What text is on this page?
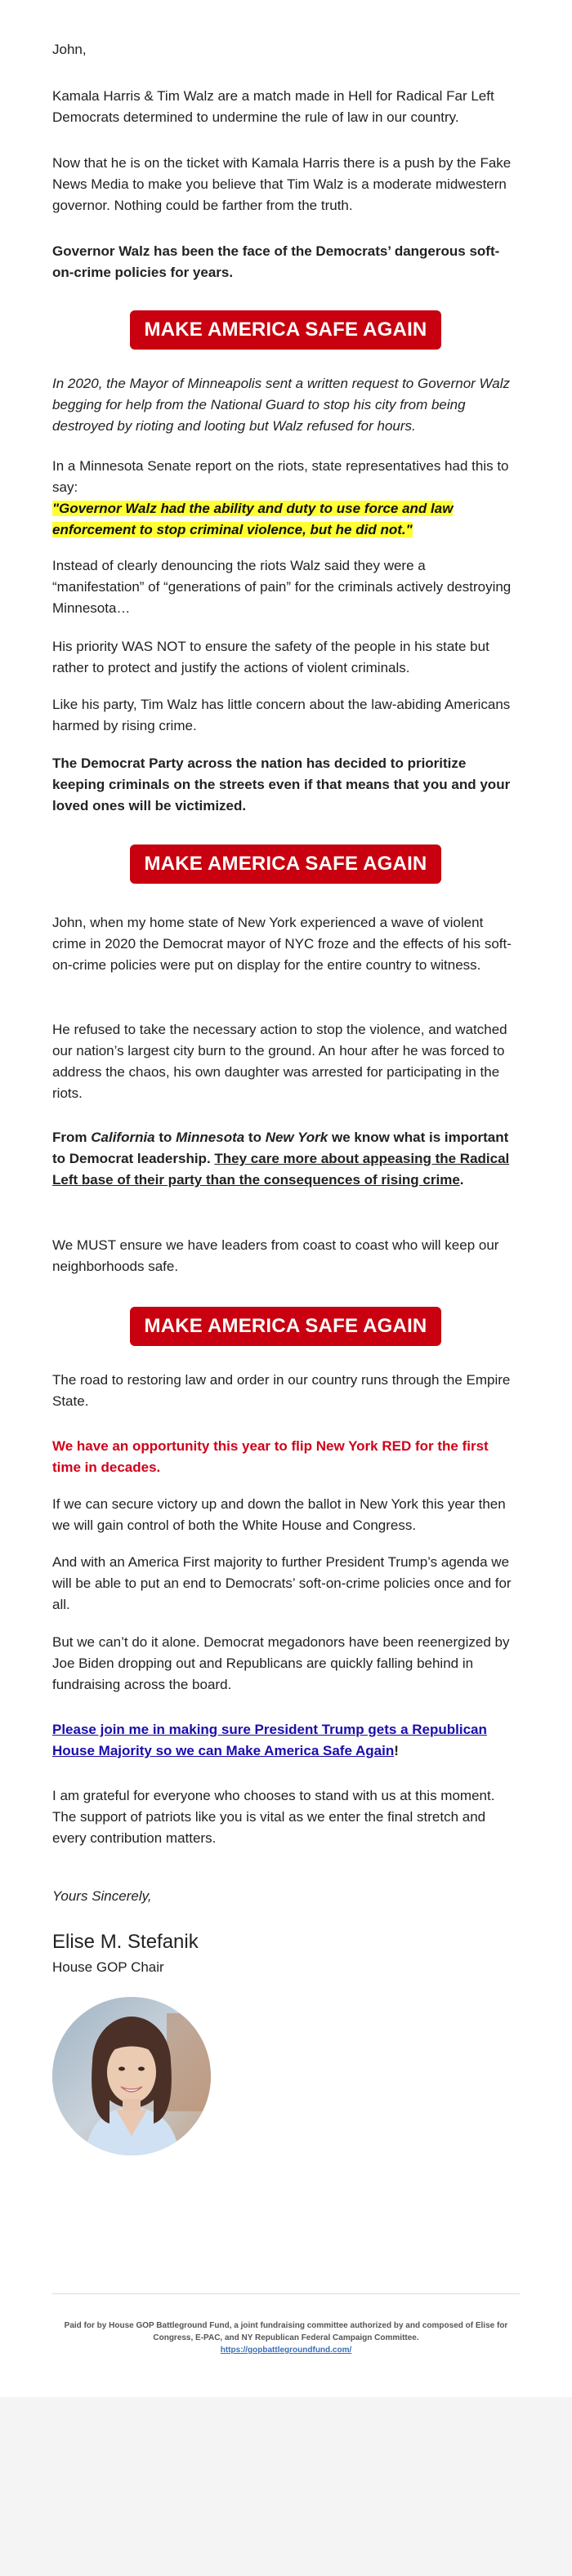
John,

Kamala Harris & Tim Walz are a match made in Hell for Radical Far Left Democrats determined to undermine the rule of law in our country.

Now that he is on the ticket with Kamala Harris there is a push by the Fake News Media to make you believe that Tim Walz is a moderate midwestern governor. Nothing could be farther from the truth.

Governor Walz has been the face of the Democrats’ dangerous soft-on-crime policies for years.

MAKE AMERICA SAFE AGAIN

In 2020, the Mayor of Minneapolis sent a written request to Governor Walz begging for help from the National Guard to stop his city from being destroyed by rioting and looting but Walz refused for hours.

In a Minnesota Senate report on the riots, state representatives had this to say:
"Governor Walz had the ability and duty to use force and law enforcement to stop criminal violence, but he did not."

Instead of clearly denouncing the riots Walz said they were a “manifestation” of “generations of pain” for the criminals actively destroying Minnesota…

His priority WAS NOT to ensure the safety of the people in his state but rather to protect and justify the actions of violent criminals.

Like his party, Tim Walz has little concern about the law-abiding Americans harmed by rising crime.

The Democrat Party across the nation has decided to prioritize keeping criminals on the streets even if that means that you and your loved ones will be victimized.

MAKE AMERICA SAFE AGAIN

John, when my home state of New York experienced a wave of violent crime in 2020 the Democrat mayor of NYC froze and the effects of his soft-on-crime policies were put on display for the entire country to witness.

He refused to take the necessary action to stop the violence, and watched our nation’s largest city burn to the ground. An hour after he was forced to address the chaos, his own daughter was arrested for participating in the riots.

From California to Minnesota to New York we know what is important to Democrat leadership. They care more about appeasing the Radical Left base of their party than the consequences of rising crime.

We MUST ensure we have leaders from coast to coast who will keep our neighborhoods safe.

MAKE AMERICA SAFE AGAIN

The road to restoring law and order in our country runs through the Empire State.

We have an opportunity this year to flip New York RED for the first time in decades.

If we can secure victory up and down the ballot in New York this year then we will gain control of both the White House and Congress.

And with an America First majority to further President Trump’s agenda we will be able to put an end to Democrats’ soft-on-crime policies once and for all.

But we can’t do it alone. Democrat megadonors have been reenergized by Joe Biden dropping out and Republicans are quickly falling behind in fundraising across the board.

Please join me in making sure President Trump gets a Republican House Majority so we can Make America Safe Again!

I am grateful for everyone who chooses to stand with us at this moment. The support of patriots like you is vital as we enter the final stretch and every contribution matters.

Yours Sincerely,

Elise M. Stefanik
House GOP Chair
Paid for by House GOP Battleground Fund, a joint fundraising committee authorized by and composed of Elise for Congress, E-PAC, and NY Republican Federal Campaign Committee.
https://gopbattlegroundfund.com/
